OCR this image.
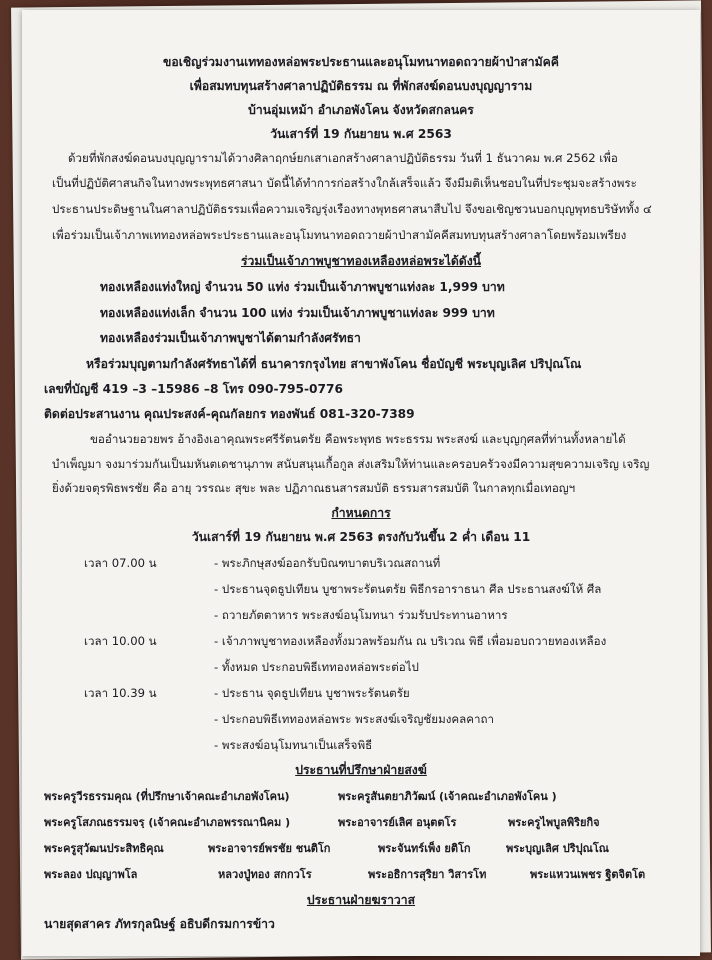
ขอเชิญร่วมงานเททองหล่อพระประธานและอนุโมทนาทอดถวายผ้าป่าสามัคคี
เพื่อสมทบทุนสร้างศาลาปฏิบัติธรรม ณ ที่พักสงฆ์ดอนบงบุญญาราม
บ้านอุ่มเหม้า อำเภอพังโคน จังหวัดสกลนคร
วันเสาร์ที่ 19 กันยายน พ.ศ 2563
ด้วยที่พักสงฆ์ดอนบงบุญญารามได้วางศิลาฤกษ์ยกเสาเอกสร้างศาลาปฏิบัติธรรม วันที่ 1 ธันวาคม พ.ศ 2562 เพื่อ
เป็นที่ปฏิบัติศาสนกิจในทางพระพุทธศาสนา บัดนี้ได้ทำการก่อสร้างใกล้เสร็จแล้ว จึงมีมติเห็นชอบในที่ประชุมจะสร้างพระ
ประธานประดิษฐานในศาลาปฏิบัติธรรมเพื่อความเจริญรุ่งเรืองทางพุทธศาสนาสืบไป จึงขอเชิญชวนบอกบุญพุทธบริษัททั้ง ๔
เพื่อร่วมเป็นเจ้าภาพเททองหล่อพระประธานและอนุโมทนาทอดถวายผ้าป่าสามัคคีสมทบทุนสร้างศาลาโดยพร้อมเพรียง
ร่วมเป็นเจ้าภาพบูชาทองเหลืองหล่อพระได้ดังนี้
ทองเหลืองแท่งใหญ่ จำนวน 50 แท่ง ร่วมเป็นเจ้าภาพบูชาแท่งละ 1,999 บาท
ทองเหลืองแท่งเล็ก จำนวน 100 แท่ง ร่วมเป็นเจ้าภาพบูชาแท่งละ 999 บาท
ทองเหลืองร่วมเป็นเจ้าภาพบูชาได้ตามกำลังศรัทธา
หรือร่วมบุญตามกำลังศรัทธาได้ที่ ธนาคารกรุงไทย สาขาพังโคน ชื่อบัญชี พระบุญเลิศ ปริปุณโณ
เลขที่บัญชี 419 –3 –15986 –8 โทร 090-795-0776
ติดต่อประสานงาน คุณประสงค์-คุณกัลยกร ทองพันธ์ 081-320-7389
ขออำนวยอวยพร อ้างอิงเอาคุณพระศรีรัตนตรัย คือพระพุทธ พระธรรม พระสงฆ์ และบุญกุศลที่ท่านทั้งหลายได้
บำเพ็ญมา จงมาร่วมกันเป็นมหันตเดชานุภาพ สนับสนุนเกื้อกูล ส่งเสริมให้ท่านและครอบครัวจงมีความสุขความเจริญ เจริญ
ยิ่งด้วยจตุรพิธพรชัย คือ อายุ วรรณะ สุขะ พละ ปฏิภาณธนสารสมบัติ ธรรมสารสมบัติ ในกาลทุกเมื่อเทอญฯ
กำหนดการ
วันเสาร์ที่ 19 กันยายน พ.ศ 2563 ตรงกับวันขึ้น 2 ค่ำ เดือน 11
เวลา 07.00 น	- พระภิกษุสงฆ์ออกรับบิณฑบาตบริเวณสถานที่
- ประธานจุดธูปเทียน บูชาพระรัตนตรัย พิธีกรอาราธนา ศีล ประธานสงฆ์ให้ ศีล
- ถวายภัตตาหาร พระสงฆ์อนุโมทนา ร่วมรับประทานอาหาร
เวลา 10.00 น	- เจ้าภาพบูชาทองเหลืองทั้งมวลพร้อมกัน ณ บริเวณ พิธี เพื่อมอบถวายทองเหลือง
- ทั้งหมด ประกอบพิธีเททองหล่อพระต่อไป
เวลา 10.39 น	- ประธาน จุดธูปเทียน บูชาพระรัตนตรัย
- ประกอบพิธีเททองหล่อพระ พระสงฆ์เจริญชัยมงคลคาถา
- พระสงฆ์อนุโมทนาเป็นเสร็จพิธี
ประธานที่ปรึกษาฝ่ายสงฆ์
พระครูวีรธรรมคุณ (ที่ปรึกษาเจ้าคณะอำเภอพังโคน)	พระครูสันตยาภิวัฒน์ (เจ้าคณะอำเภอพังโคน )
พระครูโสภณธรรมจรฺ (เจ้าคณะอำเภอพรรณานิคม )	พระอาจารย์เลิศ อนุตตโร	พระครูไพบูลพิริยกิจ
พระครูสุวัฒนประสิทธิคุณ	พระอาจารย์พรชัย ชนติโก	พระจันทร์เพ็ง ยติโก	พระบุญเลิศ ปริปุณโณ
พระลอง ปญฺญาพโล	หลวงปู่ทอง สกกวโร	พระอธิการสุริยา วิสารโท	พระแหวนเพชร ฐิตจิตโต
ประธานฝ่ายฆราวาส
นายสุดสาคร ภัทรกุลนิษฐ์ อธิบดีกรมการข้าว
